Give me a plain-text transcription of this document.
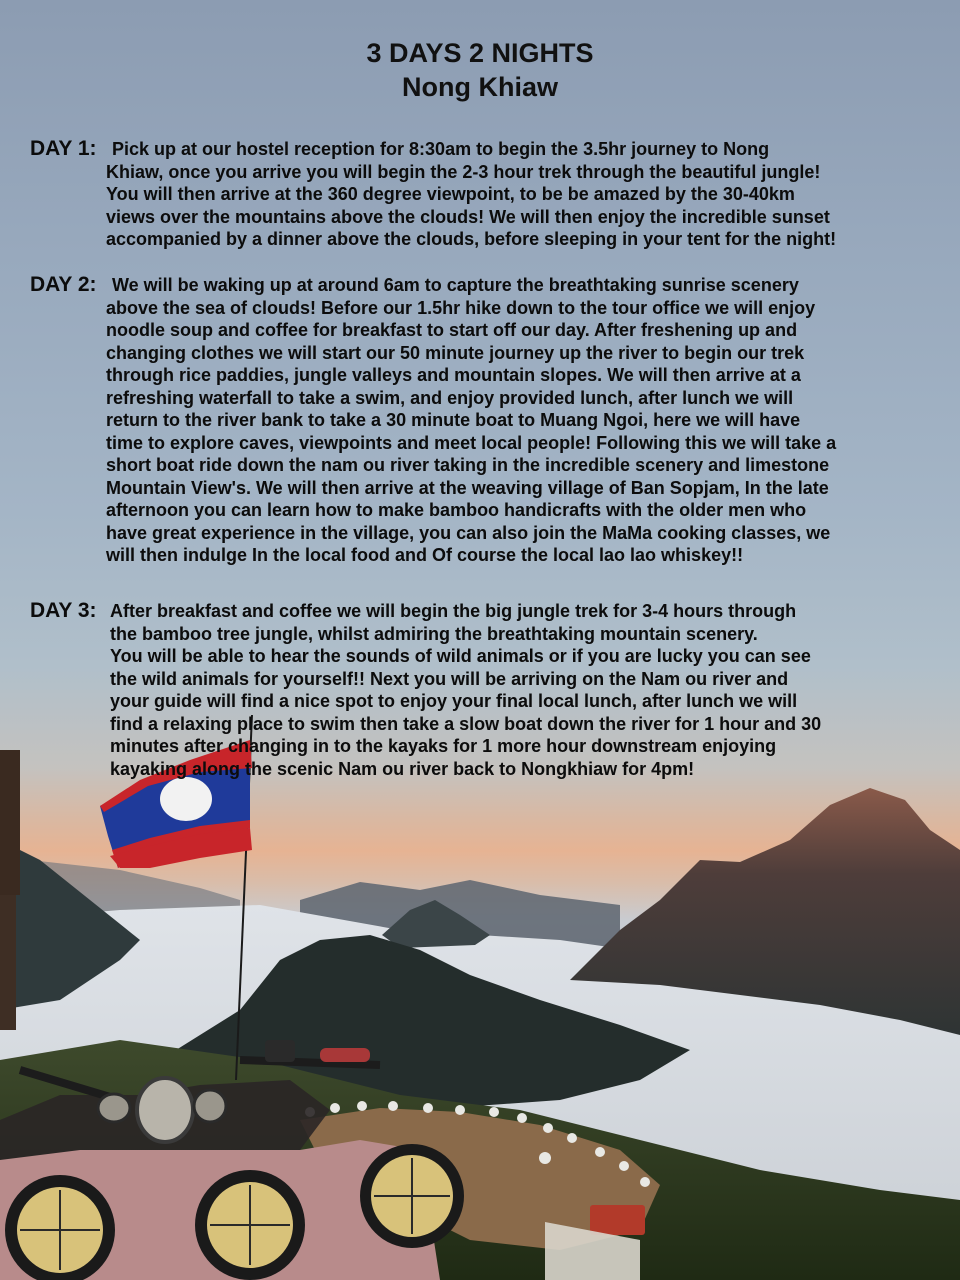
3 DAYS 2 NIGHTS
Nong Khiaw
DAY 1: Pick up at our hostel reception for 8:30am to begin the 3.5hr journey to Nong
Khiaw, once you arrive you will begin the 2-3 hour trek through the beautiful jungle!
You will then arrive at the 360 degree viewpoint, to be be amazed by the 30-40km
views over the mountains above the clouds! We will then enjoy the incredible sunset
accompanied by a dinner above the clouds, before sleeping in your tent for the night!
DAY 2: We will be waking up at around 6am to capture the breathtaking sunrise scenery
above the sea of clouds! Before our 1.5hr hike down to the tour office we will enjoy
noodle soup and coffee for breakfast to start off our day. After freshening up and
changing clothes we will start our 50 minute journey up the river to begin our trek
through rice paddies, jungle valleys and mountain slopes. We will then arrive at a
refreshing waterfall to take a swim, and enjoy provided lunch, after lunch we will
return to the river bank to take a 30 minute boat to Muang Ngoi, here we will have
time to explore caves, viewpoints and meet local people! Following this we will take a
short boat ride down the nam ou river taking in the incredible scenery and limestone
Mountain View's. We will then arrive at the weaving village of Ban Sopjam, In the late
afternoon you can learn how to make bamboo handicrafts with the older men who
have great experience in the village, you can also join the MaMa cooking classes, we
will then indulge In the local food and Of course the local lao lao whiskey!!
DAY 3: After breakfast and coffee we will begin the big jungle trek for 3-4 hours through
the bamboo tree jungle, whilst admiring the breathtaking mountain scenery.
You will be able to hear the sounds of wild animals or if you are lucky you can see
the wild animals for yourself!! Next you will be arriving on the Nam ou river and
your guide will find a nice spot to enjoy your final local lunch, after lunch we will
find a relaxing place to swim then take a slow boat down the river for 1 hour and 30
minutes after changing in to the kayaks for 1 more hour downstream enjoying
kayaking along the scenic Nam ou river back to Nongkhiaw for 4pm!
